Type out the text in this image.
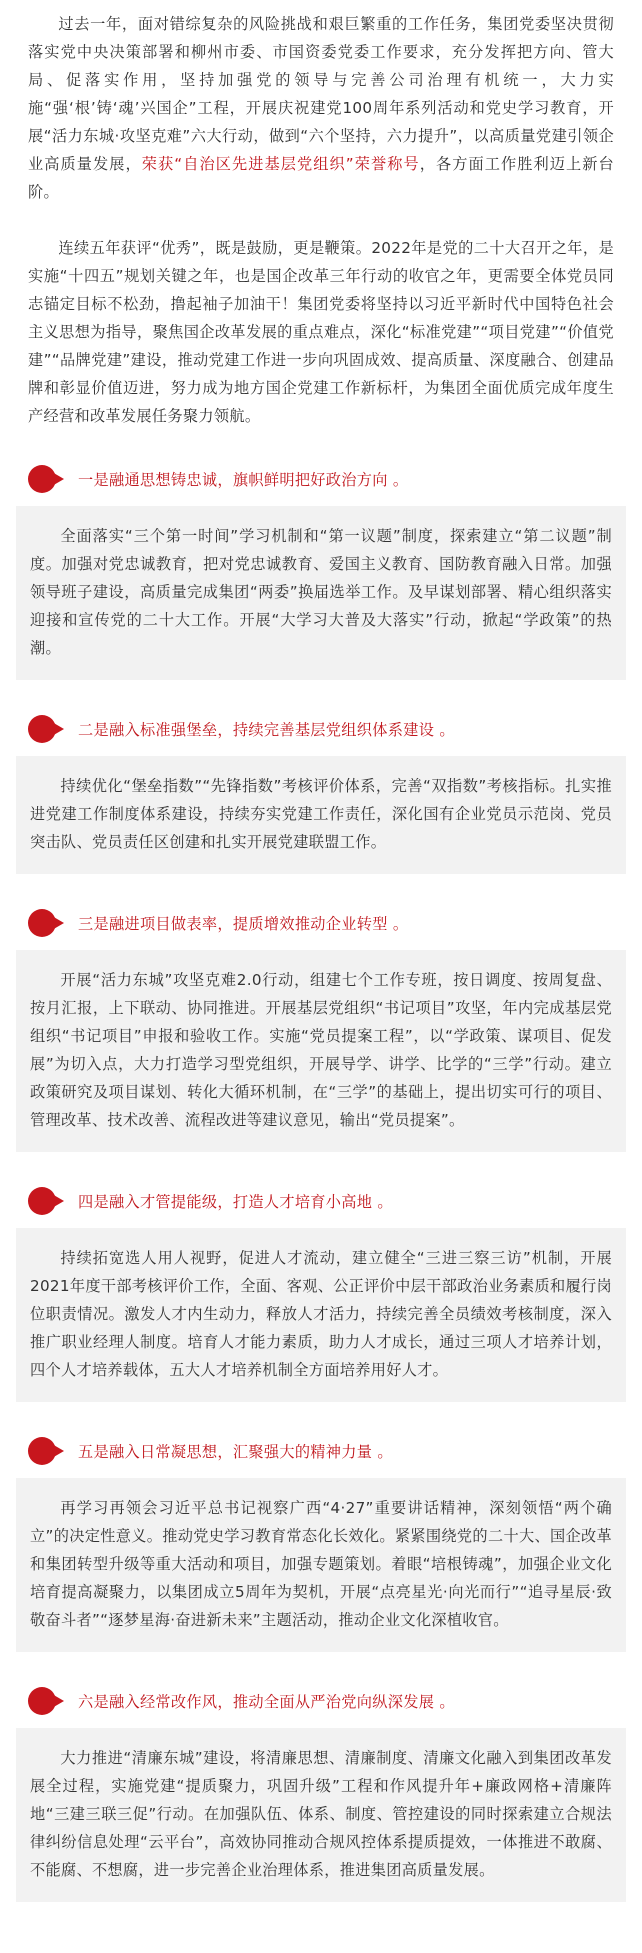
过去一年，面对错综复杂的风险挑战和艰巨繁重的工作任务，集团党委坚决贯彻落实党中央决策部署和柳州市委、市国资委党委工作要求，充分发挥把方向、管大局、促落实作用，坚持加强党的领导与完善公司治理有机统一，大力实施“强‘根’铸‘魂’兴国企”工程，开展庆祝建党100周年系列活动和党史学习教育，开展“活力东城·攻坚克难”六大行动，做到“六个坚持，六力提升”，以高质量党建引领企业高质量发展，荣获“自治区先进基层党组织”荣誉称号，各方面工作胜利迈上新台阶。

连续五年获评“优秀”，既是鼓励，更是鞭策。2022年是党的二十大召开之年，是实施“十四五”规划关键之年，也是国企改革三年行动的收官之年，更需要全体党员同志锚定目标不松劲，撸起袖子加油干！集团党委将坚持以习近平新时代中国特色社会主义思想为指导，聚焦国企改革发展的重点难点，深化“标准党建”“项目党建”“价值党建”“品牌党建”建设，推动党建工作进一步向巩固成效、提高质量、深度融合、创建品牌和彰显价值迈进，努力成为地方国企党建工作新标杆，为集团全面优质完成年度生产经营和改革发展任务聚力领航。

一是融通思想铸忠诚，旗帜鲜明把好政治方向 。

全面落实“三个第一时间”学习机制和“第一议题”制度，探索建立“第二议题”制度。加强对党忠诚教育，把对党忠诚教育、爱国主义教育、国防教育融入日常。加强领导班子建设，高质量完成集团“两委”换届选举工作。及早谋划部署、精心组织落实迎接和宣传党的二十大工作。开展“大学习大普及大落实”行动，掀起“学政策”的热潮。

二是融入标准强堡垒，持续完善基层党组织体系建设 。

持续优化“堡垒指数”“先锋指数”考核评价体系，完善“双指数”考核指标。扎实推进党建工作制度体系建设，持续夯实党建工作责任，深化国有企业党员示范岗、党员突击队、党员责任区创建和扎实开展党建联盟工作。

三是融进项目做表率，提质增效推动企业转型 。

开展“活力东城”攻坚克难2.0行动，组建七个工作专班，按日调度、按周复盘、按月汇报，上下联动、协同推进。开展基层党组织“书记项目”攻坚，年内完成基层党组织“书记项目”申报和验收工作。实施“党员提案工程”，以“学政策、谋项目、促发展”为切入点，大力打造学习型党组织，开展导学、讲学、比学的“三学”行动。建立政策研究及项目谋划、转化大循环机制，在“三学”的基础上，提出切实可行的项目、管理改革、技术改善、流程改进等建议意见，输出“党员提案”。

四是融入才管提能级，打造人才培育小高地 。

持续拓宽选人用人视野，促进人才流动，建立健全“三进三察三访”机制，开展2021年度干部考核评价工作，全面、客观、公正评价中层干部政治业务素质和履行岗位职责情况。激发人才内生动力，释放人才活力，持续完善全员绩效考核制度，深入推广职业经理人制度。培育人才能力素质，助力人才成长，通过三项人才培养计划，四个人才培养载体，五大人才培养机制全方面培养用好人才。

五是融入日常凝思想，汇聚强大的精神力量 。

再学习再领会习近平总书记视察广西“4·27”重要讲话精神，深刻领悟“两个确立”的决定性意义。推动党史学习教育常态化长效化。紧紧围绕党的二十大、国企改革和集团转型升级等重大活动和项目，加强专题策划。着眼“培根铸魂”，加强企业文化培育提高凝聚力，以集团成立5周年为契机，开展“点亮星光·向光而行”“追寻星辰·致敬奋斗者”“逐梦星海·奋进新未来”主题活动，推动企业文化深植收官。

六是融入经常改作风，推动全面从严治党向纵深发展 。

大力推进“清廉东城”建设，将清廉思想、清廉制度、清廉文化融入到集团改革发展全过程，实施党建“提质聚力，巩固升级”工程和作风提升年+廉政网格+清廉阵地“三建三联三促”行动。在加强队伍、体系、制度、管控建设的同时探索建立合规法律纠纷信息处理“云平台”，高效协同推动合规风控体系提质提效，一体推进不敢腐、不能腐、不想腐，进一步完善企业治理体系，推进集团高质量发展。
